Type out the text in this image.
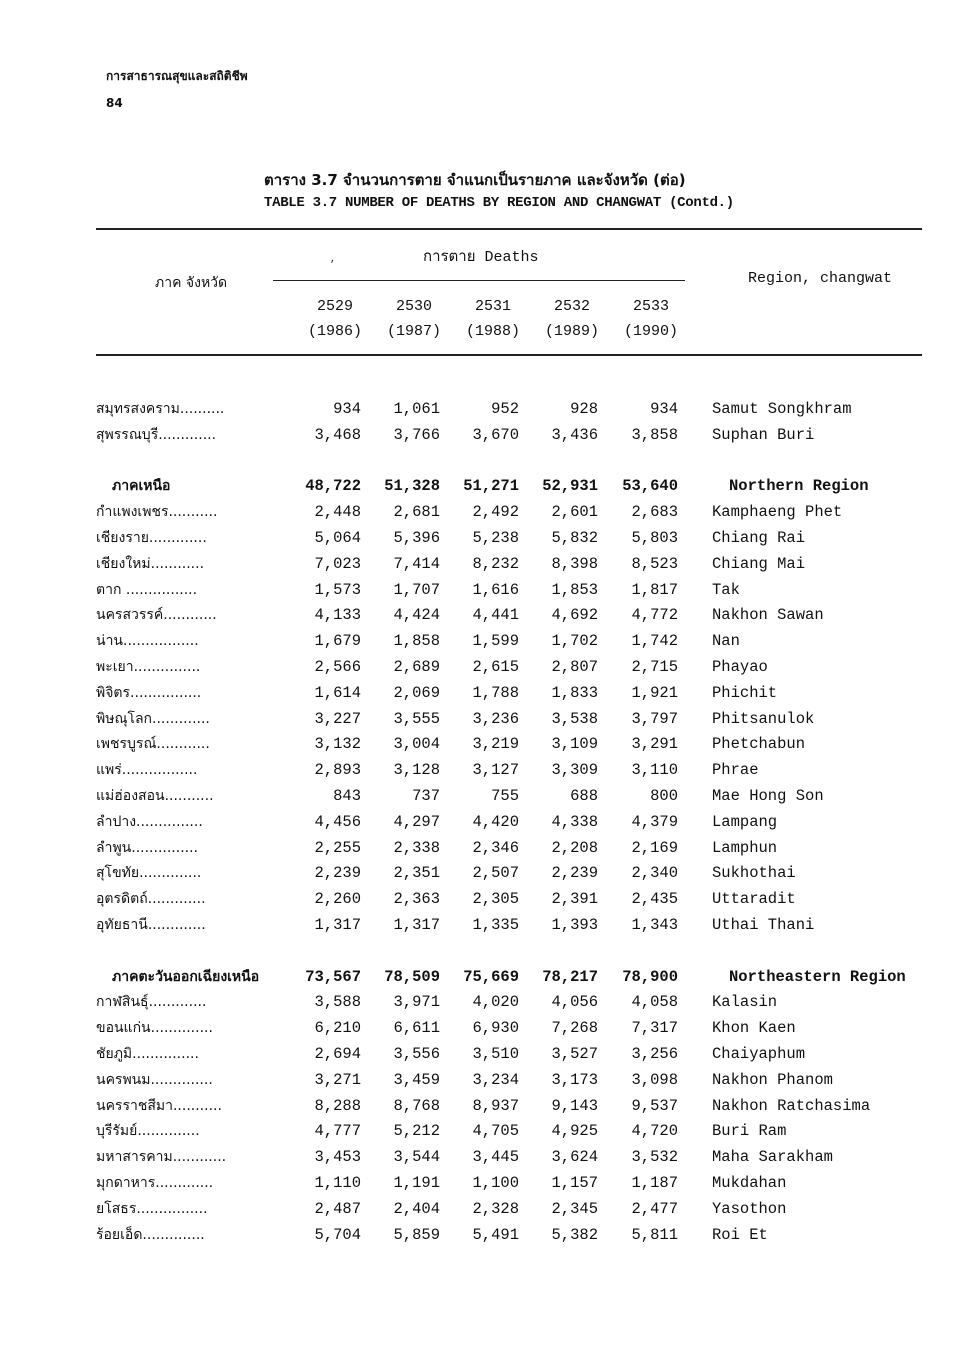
การสาธารณสุขและสถิติชีพ
84
ตาราง 3.7 จำนวนการตาย จำแนกเป็นรายภาค และจังหวัด (ต่อ)
TABLE 3.7 NUMBER OF DEATHS BY REGION AND CHANGWAT (Contd.)
,
ภาค จังหวัด
การตาย Deaths
Region, changwat
2529
(1986)
2530
(1987)
2531
(1988)
2532
(1989)
2533
(1990)
สมุทรสงคราม..........	934	1,061	952	928	934 Samut Songkhram
สุพรรณบุรี.............	3,468	3,766	3,670	3,436	3,858 Suphan Buri
ภาคเหนือ	48,722	51,328	51,271	52,931	53,640	Northern Region
กำแพงเพชร...........	2,448	2,681	2,492	2,601	2,683 Kamphaeng Phet
เชียงราย.............	5,064	5,396	5,238	5,832	5,803 Chiang Rai
เชียงใหม่............	7,023	7,414	8,232	8,398	8,523 Chiang Mai
ตาก ................	1,573	1,707	1,616	1,853	1,817 Tak
นครสวรรค์............	4,133	4,424	4,441	4,692	4,772 Nakhon Sawan
น่าน.................	1,679	1,858	1,599	1,702	1,742 Nan
พะเยา...............	2,566	2,689	2,615	2,807	2,715 Phayao
พิจิตร................	1,614	2,069	1,788	1,833	1,921 Phichit
พิษณุโลก.............	3,227	3,555	3,236	3,538	3,797 Phitsanulok
เพชรบูรณ์............	3,132	3,004	3,219	3,109	3,291 Phetchabun
แพร่.................	2,893	3,128	3,127	3,309	3,110 Phrae
แม่ฮ่องสอน...........	843	737	755	688	800 Mae Hong Son
ลำปาง...............	4,456	4,297	4,420	4,338	4,379 Lampang
ลำพูน...............	2,255	2,338	2,346	2,208	2,169 Lamphun
สุโขทัย..............	2,239	2,351	2,507	2,239	2,340 Sukhothai
อุตรดิตถ์.............	2,260	2,363	2,305	2,391	2,435 Uttaradit
อุทัยธานี.............	1,317	1,317	1,335	1,393	1,343 Uthai Thani
ภาคตะวันออกเฉียงเหนือ	73,567	78,509	75,669	78,217	78,900	Northeastern Region
กาฬสินธุ์.............	3,588	3,971	4,020	4,056	4,058 Kalasin
ขอนแก่น..............	6,210	6,611	6,930	7,268	7,317 Khon Kaen
ชัยภูมิ...............	2,694	3,556	3,510	3,527	3,256 Chaiyaphum
นครพนม..............	3,271	3,459	3,234	3,173	3,098 Nakhon Phanom
นครราชสีมา...........	8,288	8,768	8,937	9,143	9,537 Nakhon Ratchasima
บุรีรัมย์..............	4,777	5,212	4,705	4,925	4,720 Buri Ram
มหาสารคาม............	3,453	3,544	3,445	3,624	3,532 Maha Sarakham
มุกดาหาร.............	1,110	1,191	1,100	1,157	1,187 Mukdahan
ยโสธร................	2,487	2,404	2,328	2,345	2,477 Yasothon
ร้อยเอ็ด..............	5,704	5,859	5,491	5,382	5,811 Roi Et
